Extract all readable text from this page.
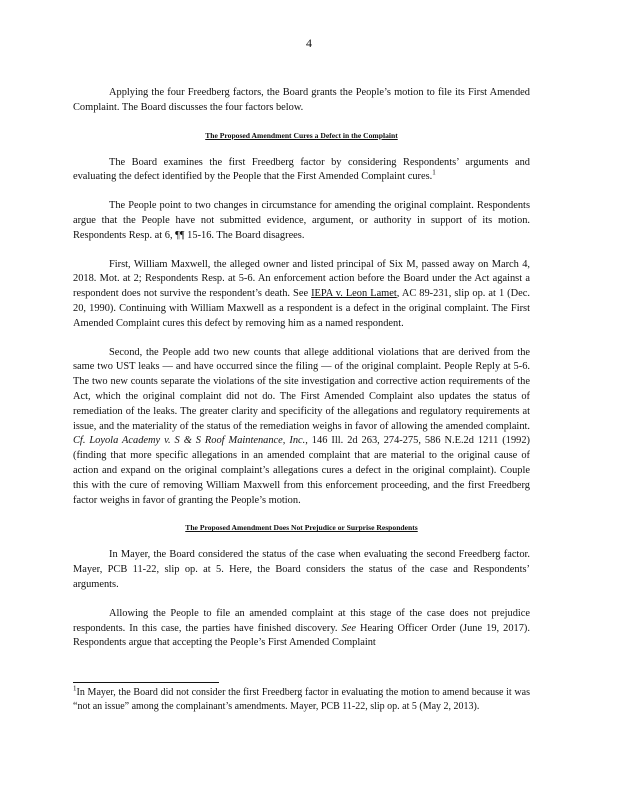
4

Applying the four Freedberg factors, the Board grants the People’s motion to file its First Amended Complaint. The Board discusses the four factors below.

The Proposed Amendment Cures a Defect in the Complaint

The Board examines the first Freedberg factor by considering Respondents’ arguments and evaluating the defect identified by the People that the First Amended Complaint cures.$^1$

The People point to two changes in circumstance for amending the original complaint. Respondents argue that the People have not submitted evidence, argument, or authority in support of its motion. Respondents Resp. at 6, ¶¶ 15-16. The Board disagrees.

First, William Maxwell, the alleged owner and listed principal of Six M, passed away on March 4, 2018. Mot. at 2; Respondents Resp. at 5-6. An enforcement action before the Board under the Act against a respondent does not survive the respondent’s death. See IEPA v. Leon Lamet, AC 89-231, slip op. at 1 (Dec. 20, 1990). Continuing with William Maxwell as a respondent is a defect in the original complaint. The First Amended Complaint cures this defect by removing him as a named respondent.

Second, the People add two new counts that allege additional violations that are derived from the same two UST leaks — and have occurred since the filing — of the original complaint. People Reply at 5-6. The two new counts separate the violations of the site investigation and corrective action requirements of the Act, which the original complaint did not do. The First Amended Complaint also updates the status of remediation of the leaks. The greater clarity and specificity of the allegations and regulatory requirements at issue, and the materiality of the status of the remediation weighs in favor of allowing the amended complaint. Cf. Loyola Academy v. S & S Roof Maintenance, Inc., 146 Ill. 2d 263, 274-275, 586 N.E.2d 1211 (1992) (finding that more specific allegations in an amended complaint that are material to the original cause of action and expand on the original complaint’s allegations cures a defect in the original complaint). Couple this with the cure of removing William Maxwell from this enforcement proceeding, and the first Freedberg factor weighs in favor of granting the People’s motion.

The Proposed Amendment Does Not Prejudice or Surprise Respondents

In Mayer, the Board considered the status of the case when evaluating the second Freedberg factor. Mayer, PCB 11-22, slip op. at 5. Here, the Board considers the status of the case and Respondents’ arguments.

Allowing the People to file an amended complaint at this stage of the case does not prejudice respondents. In this case, the parties have finished discovery. See Hearing Officer Order (June 19, 2017). Respondents argue that accepting the People’s First Amended Complaint

$^1$In Mayer, the Board did not consider the first Freedberg factor in evaluating the motion to amend because it was “not an issue” among the complainant’s amendments. Mayer, PCB 11-22, slip op. at 5 (May 2, 2013).
